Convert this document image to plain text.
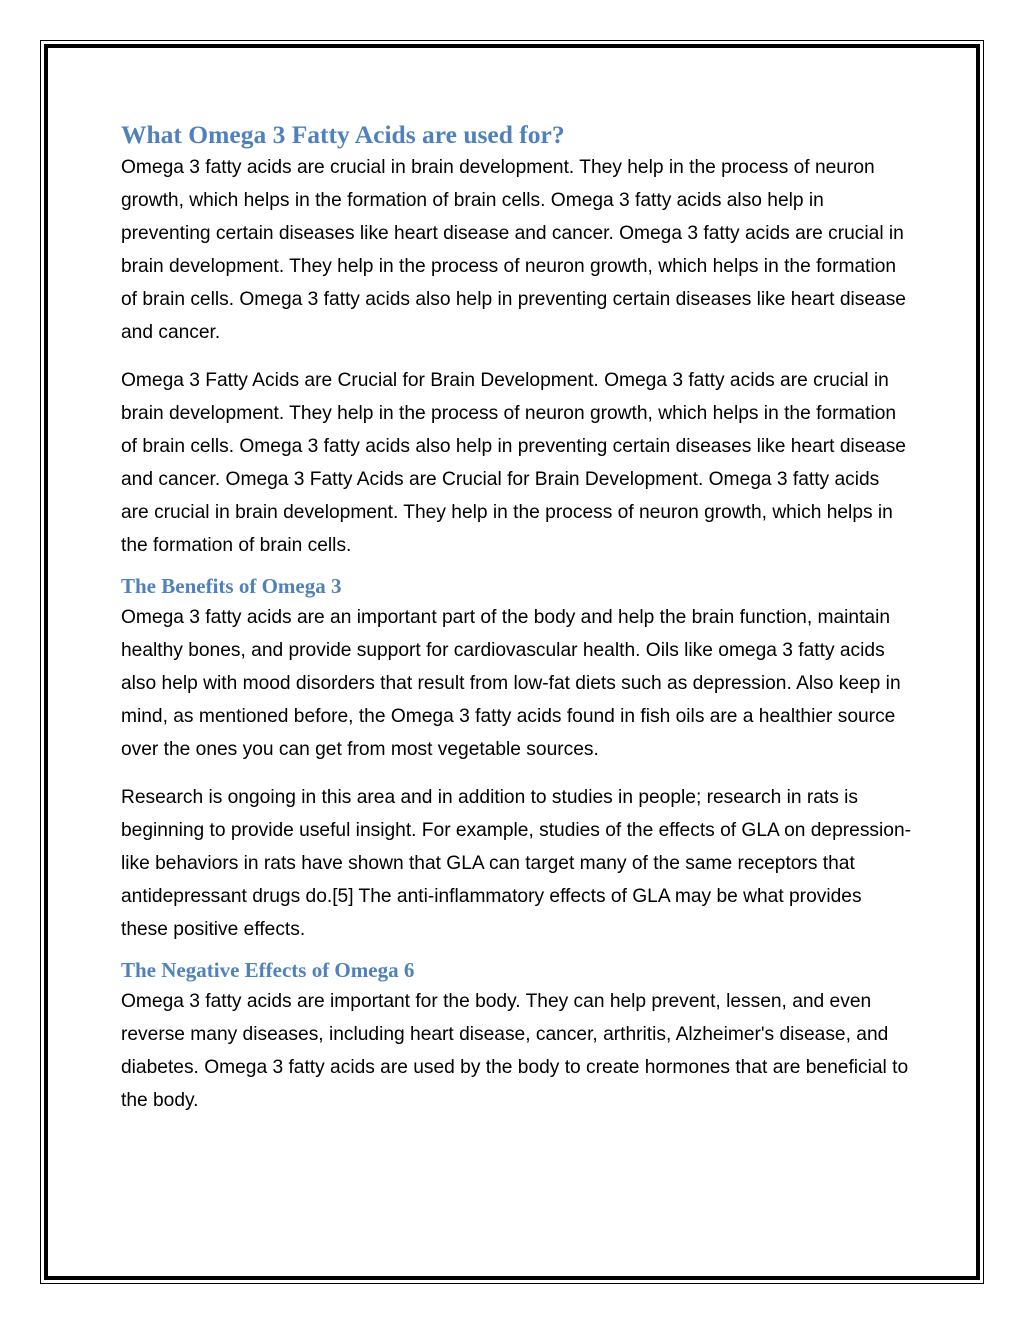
What Omega 3 Fatty Acids are used for?

Omega 3 fatty acids are crucial in brain development. They help in the process of neuron growth, which helps in the formation of brain cells. Omega 3 fatty acids also help in preventing certain diseases like heart disease and cancer. Omega 3 fatty acids are crucial in brain development. They help in the process of neuron growth, which helps in the formation of brain cells. Omega 3 fatty acids also help in preventing certain diseases like heart disease and cancer.

Omega 3 Fatty Acids are Crucial for Brain Development. Omega 3 fatty acids are crucial in brain development. They help in the process of neuron growth, which helps in the formation of brain cells. Omega 3 fatty acids also help in preventing certain diseases like heart disease and cancer. Omega 3 Fatty Acids are Crucial for Brain Development. Omega 3 fatty acids are crucial in brain development. They help in the process of neuron growth, which helps in the formation of brain cells.

The Benefits of Omega 3

Omega 3 fatty acids are an important part of the body and help the brain function, maintain healthy bones, and provide support for cardiovascular health. Oils like omega 3 fatty acids also help with mood disorders that result from low-fat diets such as depression. Also keep in mind, as mentioned before, the Omega 3 fatty acids found in fish oils are a healthier source over the ones you can get from most vegetable sources.

Research is ongoing in this area and in addition to studies in people; research in rats is beginning to provide useful insight. For example, studies of the effects of GLA on depression-like behaviors in rats have shown that GLA can target many of the same receptors that antidepressant drugs do.[5] The anti-inflammatory effects of GLA may be what provides these positive effects.

The Negative Effects of Omega 6

Omega 3 fatty acids are important for the body. They can help prevent, lessen, and even reverse many diseases, including heart disease, cancer, arthritis, Alzheimer's disease, and diabetes. Omega 3 fatty acids are used by the body to create hormones that are beneficial to the body.
